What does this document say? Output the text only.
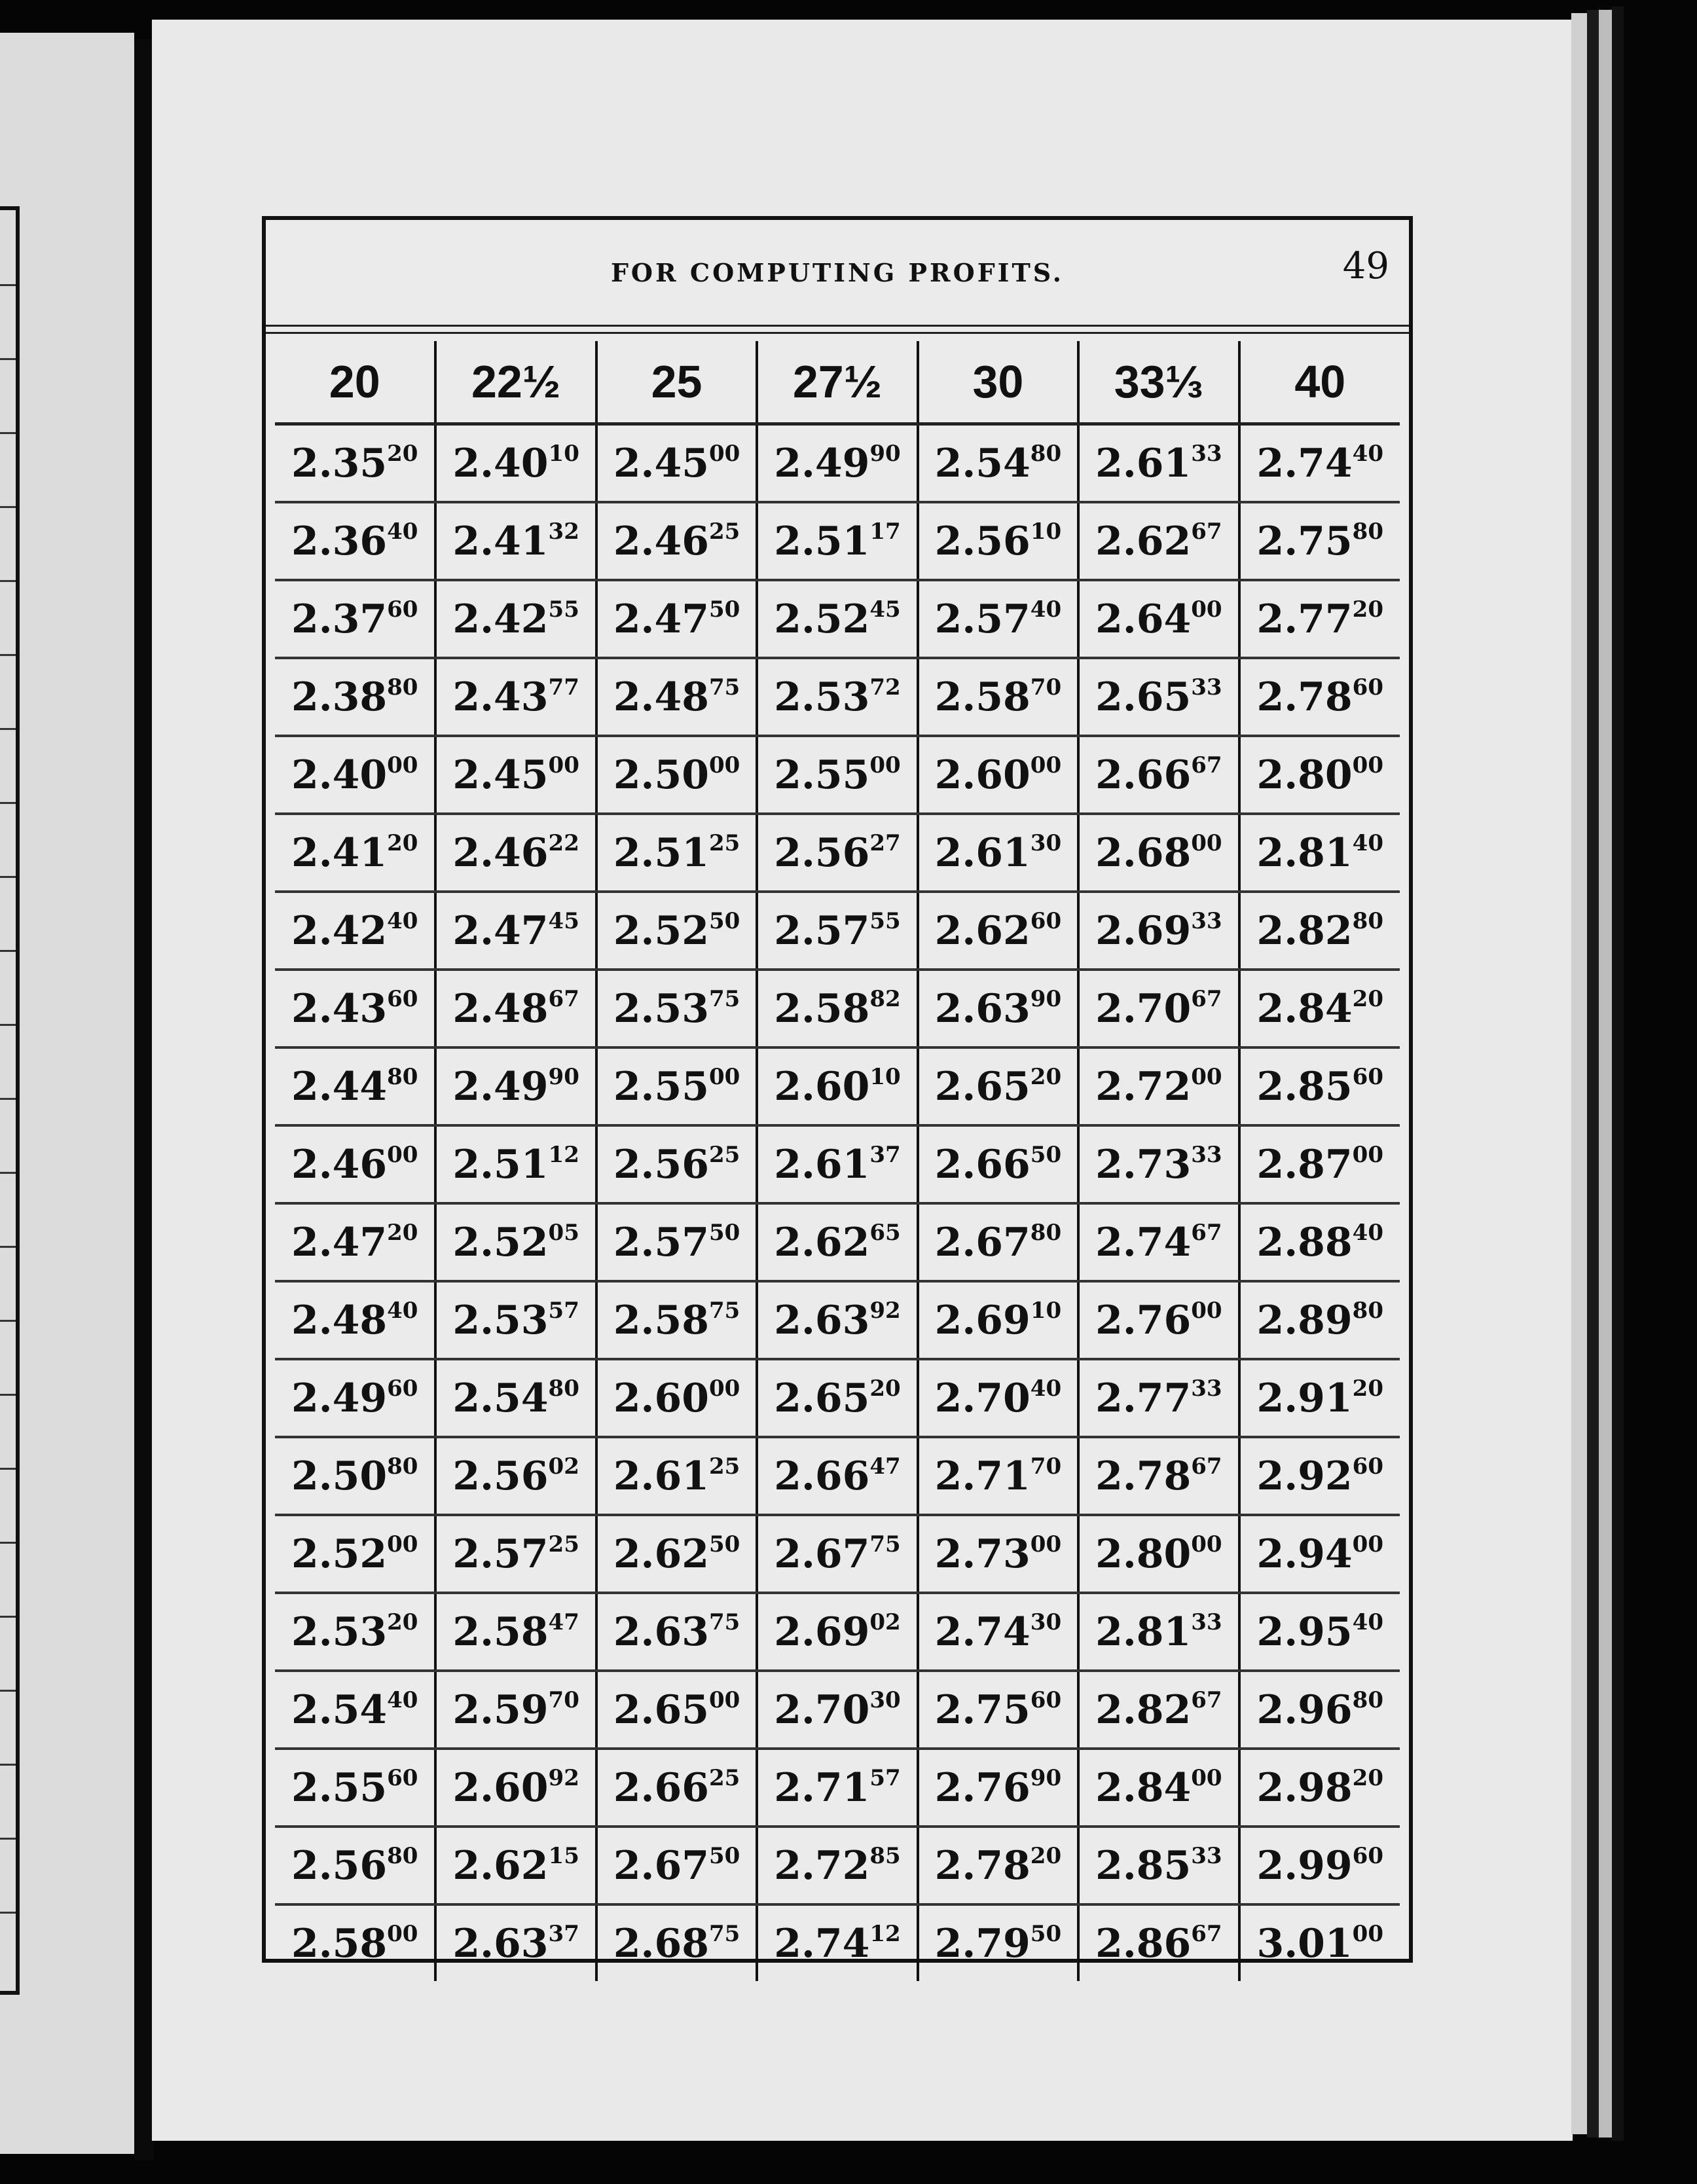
FOR COMPUTING PROFITS.	49
20	22½	25	27½	30	33⅓	40
2.35$^{20}$	2.40$^{10}$	2.45$^{00}$	2.49$^{90}$	2.54$^{80}$	2.61$^{33}$	2.74$^{40}$
2.36$^{40}$	2.41$^{32}$	2.46$^{25}$	2.51$^{17}$	2.56$^{10}$	2.62$^{67}$	2.75$^{80}$
2.37$^{60}$	2.42$^{55}$	2.47$^{50}$	2.52$^{45}$	2.57$^{40}$	2.64$^{00}$	2.77$^{20}$
2.38$^{80}$	2.43$^{77}$	2.48$^{75}$	2.53$^{72}$	2.58$^{70}$	2.65$^{33}$	2.78$^{60}$
2.40$^{00}$	2.45$^{00}$	2.50$^{00}$	2.55$^{00}$	2.60$^{00}$	2.66$^{67}$	2.80$^{00}$
2.41$^{20}$	2.46$^{22}$	2.51$^{25}$	2.56$^{27}$	2.61$^{30}$	2.68$^{00}$	2.81$^{40}$
2.42$^{40}$	2.47$^{45}$	2.52$^{50}$	2.57$^{55}$	2.62$^{60}$	2.69$^{33}$	2.82$^{80}$
2.43$^{60}$	2.48$^{67}$	2.53$^{75}$	2.58$^{82}$	2.63$^{90}$	2.70$^{67}$	2.84$^{20}$
2.44$^{80}$	2.49$^{90}$	2.55$^{00}$	2.60$^{10}$	2.65$^{20}$	2.72$^{00}$	2.85$^{60}$
2.46$^{00}$	2.51$^{12}$	2.56$^{25}$	2.61$^{37}$	2.66$^{50}$	2.73$^{33}$	2.87$^{00}$
2.47$^{20}$	2.52$^{05}$	2.57$^{50}$	2.62$^{65}$	2.67$^{80}$	2.74$^{67}$	2.88$^{40}$
2.48$^{40}$	2.53$^{57}$	2.58$^{75}$	2.63$^{92}$	2.69$^{10}$	2.76$^{00}$	2.89$^{80}$
2.49$^{60}$	2.54$^{80}$	2.60$^{00}$	2.65$^{20}$	2.70$^{40}$	2.77$^{33}$	2.91$^{20}$
2.50$^{80}$	2.56$^{02}$	2.61$^{25}$	2.66$^{47}$	2.71$^{70}$	2.78$^{67}$	2.92$^{60}$
2.52$^{00}$	2.57$^{25}$	2.62$^{50}$	2.67$^{75}$	2.73$^{00}$	2.80$^{00}$	2.94$^{00}$
2.53$^{20}$	2.58$^{47}$	2.63$^{75}$	2.69$^{02}$	2.74$^{30}$	2.81$^{33}$	2.95$^{40}$
2.54$^{40}$	2.59$^{70}$	2.65$^{00}$	2.70$^{30}$	2.75$^{60}$	2.82$^{67}$	2.96$^{80}$
2.55$^{60}$	2.60$^{92}$	2.66$^{25}$	2.71$^{57}$	2.76$^{90}$	2.84$^{00}$	2.98$^{20}$
2.56$^{80}$	2.62$^{15}$	2.67$^{50}$	2.72$^{85}$	2.78$^{20}$	2.85$^{33}$	2.99$^{60}$
2.58$^{00}$	2.63$^{37}$	2.68$^{75}$	2.74$^{12}$	2.79$^{50}$	2.86$^{67}$	3.01$^{00}$
